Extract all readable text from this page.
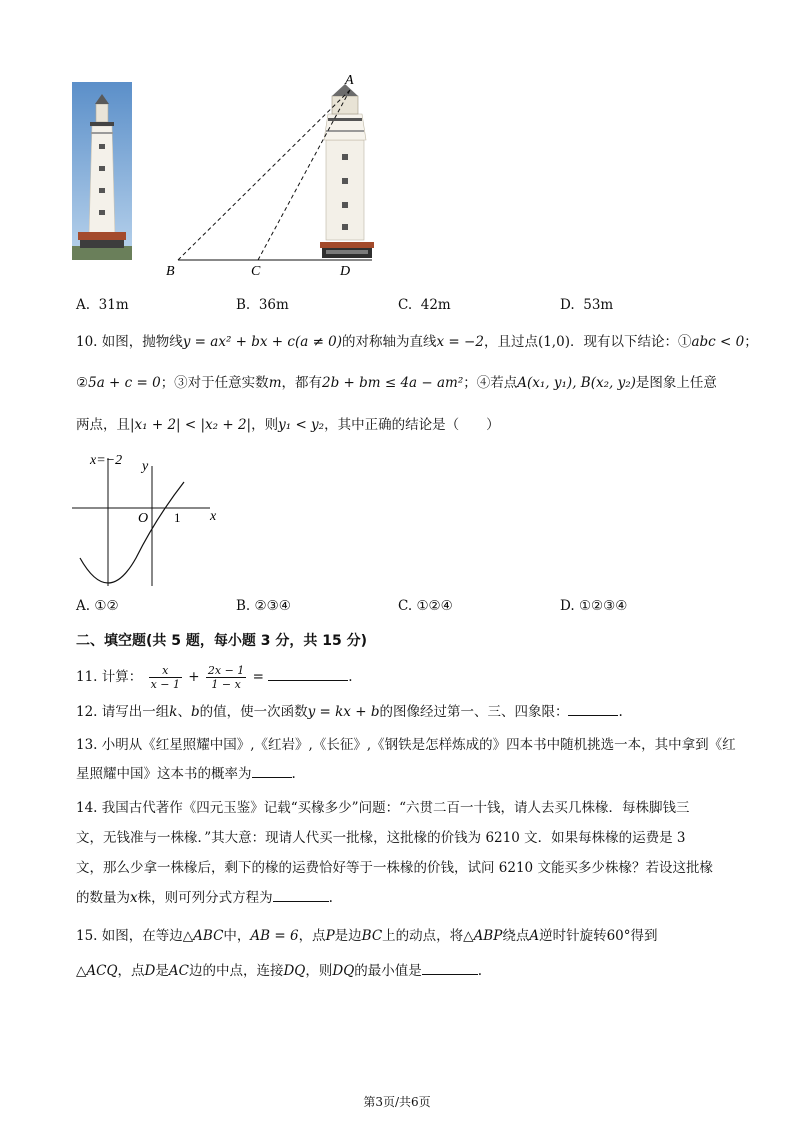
A
B	C	D
A. 31m	B. 36m	C. 42m	D. 53m
10. 如图，抛物线y = ax² + bx + c(a ≠ 0)的对称轴为直线x = −2，且过点(1,0)．现有以下结论：①abc < 0；
②5a + c = 0；③对于任意实数m，都有2b + bm ≤ 4a − am²；④若点A(x₁, y₁), B(x₂, y₂)是图象上任意
两点，且|x₁ + 2| < |x₂ + 2|，则y₁ < y₂，其中正确的结论是（　　）
x=−2 y
x
O 1
A. ①②	B. ②③④	C. ①②④	D. ①②③④
二、填空题(共 5 题，每小题 3 分，共 15 分)
11. 计算： $\frac{x}{x - 1} + \frac{2x - 1}{1 - x}$ =	.
12. 请写出一组k、b的值，使一次函数y = kx + b的图像经过第一、三、四象限：	.
13. 小明从《红星照耀中国》,《红岩》,《长征》,《钢铁是怎样炼成的》四本书中随机挑选一本，其中拿到《红
星照耀中国》这本书的概率为	.
14. 我国古代著作《四元玉鉴》记载“买椽多少”问题：“六贯二百一十钱，请人去买几株椽．每株脚钱三
文，无钱准与一株椽．”其大意：现请人代买一批椽，这批椽的价钱为 6210 文．如果每株椽的运费是 3
文，那么少拿一株椽后，剩下的椽的运费恰好等于一株椽的价钱，试问 6210 文能买多少株椽？若设这批椽
的数量为x株，则可列分式方程为	.
15. 如图，在等边△ABC中，AB = 6，点P是边BC上的动点，将△ABP绕点A逆时针旋转60°得到
△ACQ，点D是AC边的中点，连接DQ，则DQ的最小值是	.
第3页/共6页
